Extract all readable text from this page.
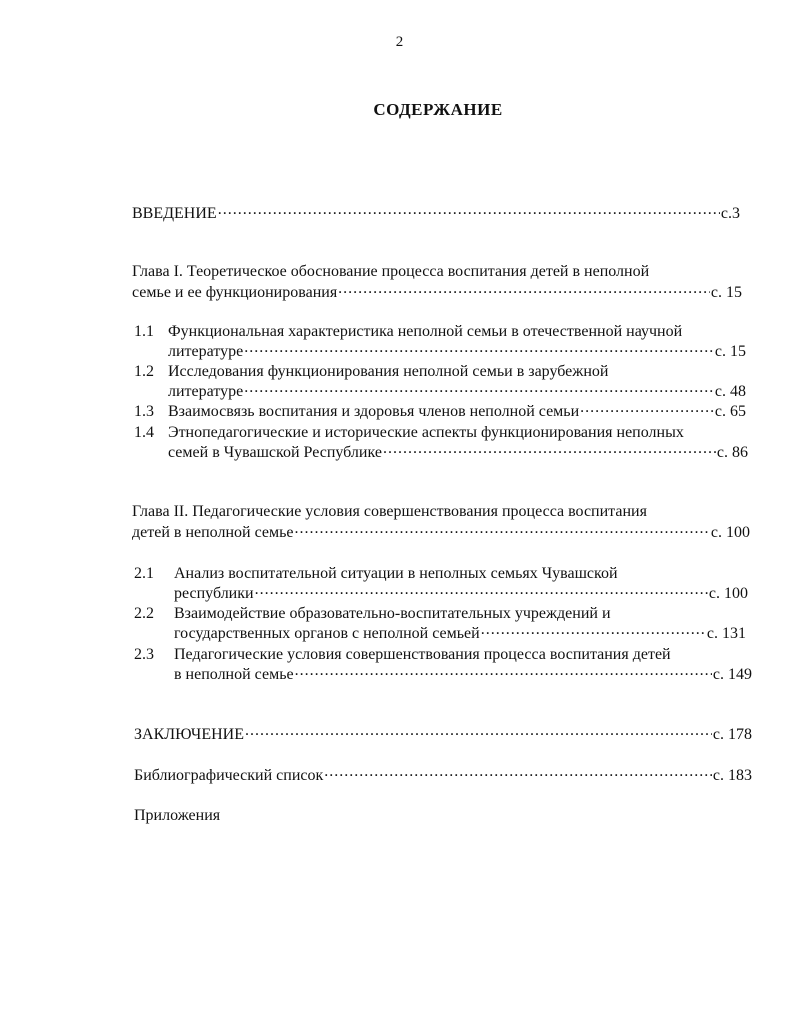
2
СОДЕРЖАНИЕ
ВВЕДЕНИЕ . . .	с.3
Глава I. Теоретическое обоснование процесса воспитания детей в неполной
семье и ее функционирования . . .	с. 15
1.1 Функциональная характеристика неполной семьи в отечественной научной
литературе . . .	с. 15
1.2 Исследования функционирования неполной семьи в зарубежной
литературе . . .	с. 48
1.3 Взаимосвязь воспитания и здоровья членов неполной семьи . . .	с. 65
1.4 Этнопедагогические и исторические аспекты функционирования неполных
семей в Чувашской Республике . . .	с. 86
Глава II. Педагогические условия совершенствования процесса воспитания
детей в неполной семье . . .	с. 100
2.1 Анализ воспитательной ситуации в неполных семьях Чувашской
республики . . .	с. 100
2.2 Взаимодействие образовательно-воспитательных учреждений и
государственных органов с неполной семьей . . .	с. 131
2.3 Педагогические условия совершенствования процесса воспитания детей
в неполной семье . . .	с. 149
ЗАКЛЮЧЕНИЕ . . .	с. 178
Библиографический список . . .	с. 183
Приложения
